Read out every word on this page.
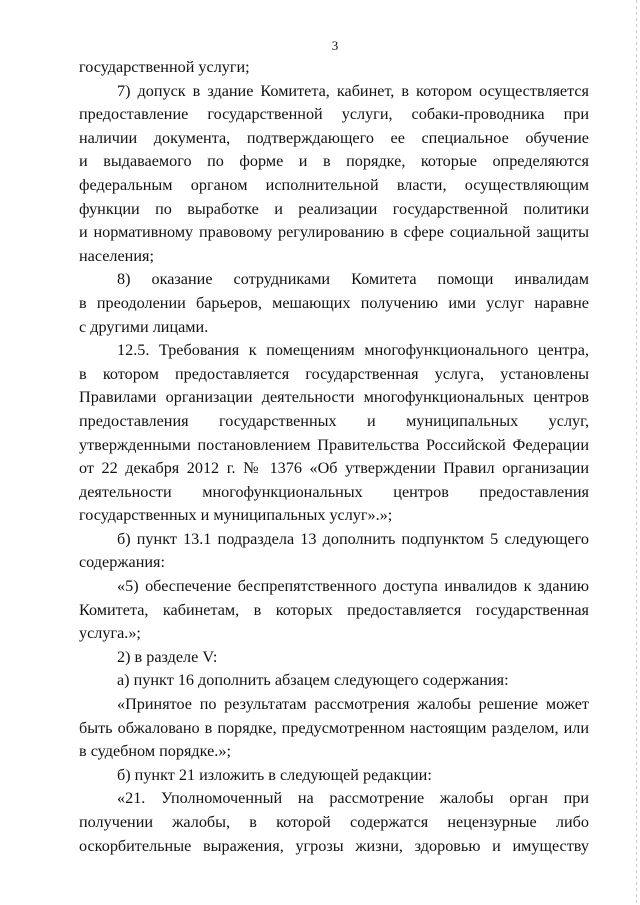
3
государственной услуги;
7) допуск в здание Комитета, кабинет, в котором осуществляется
предоставление государственной услуги, собаки-проводника при
наличии документа, подтверждающего ее специальное обучение
и выдаваемого по форме и в порядке, которые определяются
федеральным органом исполнительной власти, осуществляющим
функции по выработке и реализации государственной политики
и нормативному правовому регулированию в сфере социальной защиты
населения;
8) оказание сотрудниками Комитета помощи инвалидам
в преодолении барьеров, мешающих получению ими услуг наравне
с другими лицами.
12.5. Требования к помещениям многофункционального центра,
в котором предоставляется государственная услуга, установлены
Правилами организации деятельности многофункциональных центров
предоставления государственных и муниципальных услуг,
утвержденными постановлением Правительства Российской Федерации
от 22 декабря 2012 г. № 1376 «Об утверждении Правил организации
деятельности многофункциональных центров предоставления
государственных и муниципальных услуг».»;
б) пункт 13.1 подраздела 13 дополнить подпунктом 5 следующего
содержания:
«5) обеспечение беспрепятственного доступа инвалидов к зданию
Комитета, кабинетам, в которых предоставляется государственная
услуга.»;
2) в разделе V:
а) пункт 16 дополнить абзацем следующего содержания:
«Принятое по результатам рассмотрения жалобы решение может
быть обжаловано в порядке, предусмотренном настоящим разделом, или
в судебном порядке.»;
б) пункт 21 изложить в следующей редакции:
«21. Уполномоченный на рассмотрение жалобы орган при
получении жалобы, в которой содержатся нецензурные либо
оскорбительные выражения, угрозы жизни, здоровью и имуществу
